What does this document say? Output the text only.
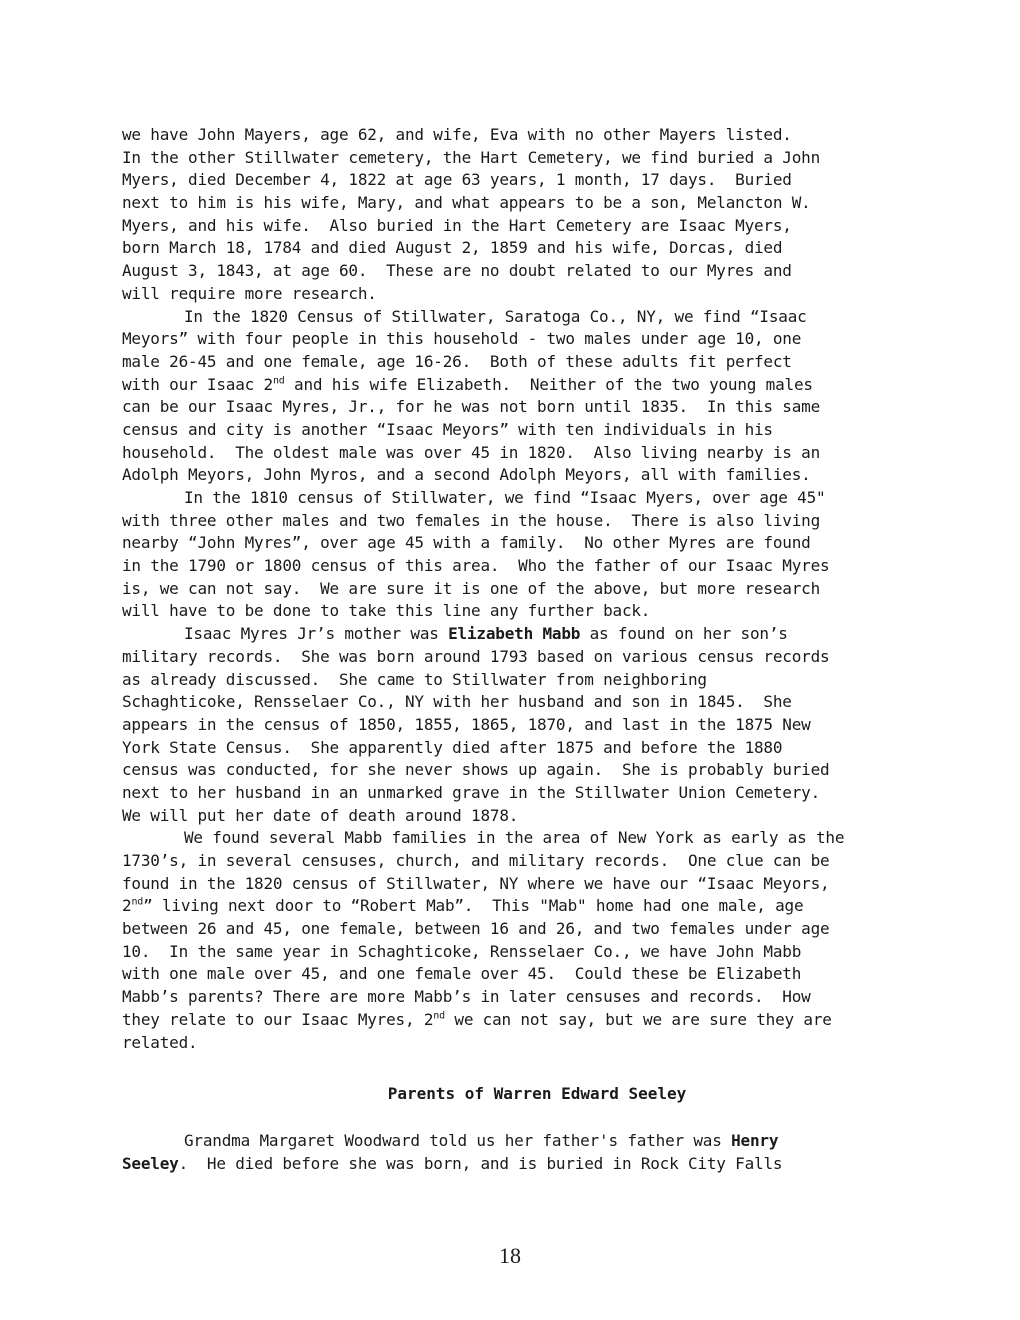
we have John Mayers, age 62, and wife, Eva with no other Mayers listed.
In the other Stillwater cemetery, the Hart Cemetery, we find buried a John
Myers, died December 4, 1822 at age 63 years, 1 month, 17 days.  Buried
next to him is his wife, Mary, and what appears to be a son, Melancton W.
Myers, and his wife.  Also buried in the Hart Cemetery are Isaac Myers,
born March 18, 1784 and died August 2, 1859 and his wife, Dorcas, died
August 3, 1843, at age 60.  These are no doubt related to our Myres and
will require more research.
In the 1820 Census of Stillwater, Saratoga Co., NY, we find “Isaac
Meyors” with four people in this household - two males under age 10, one
male 26-45 and one female, age 16-26.  Both of these adults fit perfect
with our Isaac 2nd and his wife Elizabeth.  Neither of the two young males
can be our Isaac Myres, Jr., for he was not born until 1835.  In this same
census and city is another “Isaac Meyors” with ten individuals in his
household.  The oldest male was over 45 in 1820.  Also living nearby is an
Adolph Meyors, John Myros, and a second Adolph Meyors, all with families.
In the 1810 census of Stillwater, we find “Isaac Myers, over age 45"
with three other males and two females in the house.  There is also living
nearby “John Myres”, over age 45 with a family.  No other Myres are found
in the 1790 or 1800 census of this area.  Who the father of our Isaac Myres
is, we can not say.  We are sure it is one of the above, but more research
will have to be done to take this line any further back.
Isaac Myres Jr’s mother was Elizabeth Mabb as found on her son’s
military records.  She was born around 1793 based on various census records
as already discussed.  She came to Stillwater from neighboring
Schaghticoke, Rensselaer Co., NY with her husband and son in 1845.  She
appears in the census of 1850, 1855, 1865, 1870, and last in the 1875 New
York State Census.  She apparently died after 1875 and before the 1880
census was conducted, for she never shows up again.  She is probably buried
next to her husband in an unmarked grave in the Stillwater Union Cemetery.
We will put her date of death around 1878.
We found several Mabb families in the area of New York as early as the
1730’s, in several censuses, church, and military records.  One clue can be
found in the 1820 census of Stillwater, NY where we have our “Isaac Meyors,
2nd” living next door to “Robert Mab”.  This "Mab" home had one male, age
between 26 and 45, one female, between 16 and 26, and two females under age
10.  In the same year in Schaghticoke, Rensselaer Co., we have John Mabb
with one male over 45, and one female over 45.  Could these be Elizabeth
Mabb’s parents? There are more Mabb’s in later censuses and records.  How
they relate to our Isaac Myres, 2nd we can not say, but we are sure they are
related.
Parents of Warren Edward Seeley
Grandma Margaret Woodward told us her father's father was Henry
Seeley.  He died before she was born, and is buried in Rock City Falls
18
